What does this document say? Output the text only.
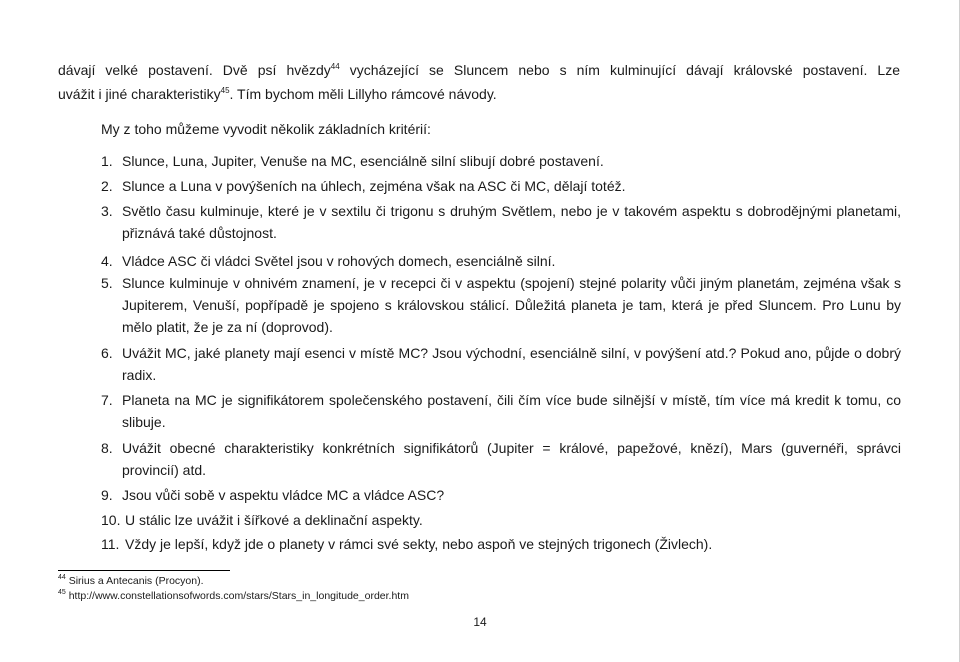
dávají velké postavení. Dvě psí hvězdy$^{44}$ vycházející se Sluncem nebo s ním kulminující dávají královské postavení. Lze
uvážit i jiné charakteristiky$^{45}$. Tím bychom měli Lillyho rámcové návody.
My z toho můžeme vyvodit několik základních kritérií:
1. Slunce, Luna, Jupiter, Venuše na MC, esenciálně silní slibují dobré postavení.
2. Slunce a Luna v povýšeních na úhlech, zejména však na ASC či MC, dělají totéž.
3. Světlo času kulminuje, které je v sextilu či trigonu s druhým Světlem, nebo je v takovém aspektu s dobrodějnými planetami, přiznává také důstojnost.
4. Vládce ASC či vládci Světel jsou v rohových domech, esenciálně silní.
5. Slunce kulminuje v ohnivém znamení, je v recepci či v aspektu (spojení) stejné polarity vůči jiným planetám, zejména však s Jupiterem, Venuší, popřípadě je spojeno s královskou stálicí. Důležitá planeta je tam, která je před Sluncem. Pro Lunu by mělo platit, že je za ní (doprovod).
6. Uvážit MC, jaké planety mají esenci v místě MC? Jsou východní, esenciálně silní, v povýšení atd.? Pokud ano, půjde o dobrý radix.
7. Planeta na MC je signifikátorem společenského postavení, čili čím více bude silnější v místě, tím více má kredit k tomu, co slibuje.
8. Uvážit obecné charakteristiky konkrétních signifikátorů (Jupiter = králové, papežové, knězí), Mars (guvernéři, správci provincií) atd.
9. Jsou vůči sobě v aspektu vládce MC a vládce ASC?
10. U stálic lze uvážit i šířkové a deklinační aspekty.
11. Vždy je lepší, když jde o planety v rámci své sekty, nebo aspoň ve stejných trigonech (Živlech).
$^{44}$ Sirius a Antecanis (Procyon).
$^{45}$ http://www.constellationsofwords.com/stars/Stars_in_longitude_order.htm
14
